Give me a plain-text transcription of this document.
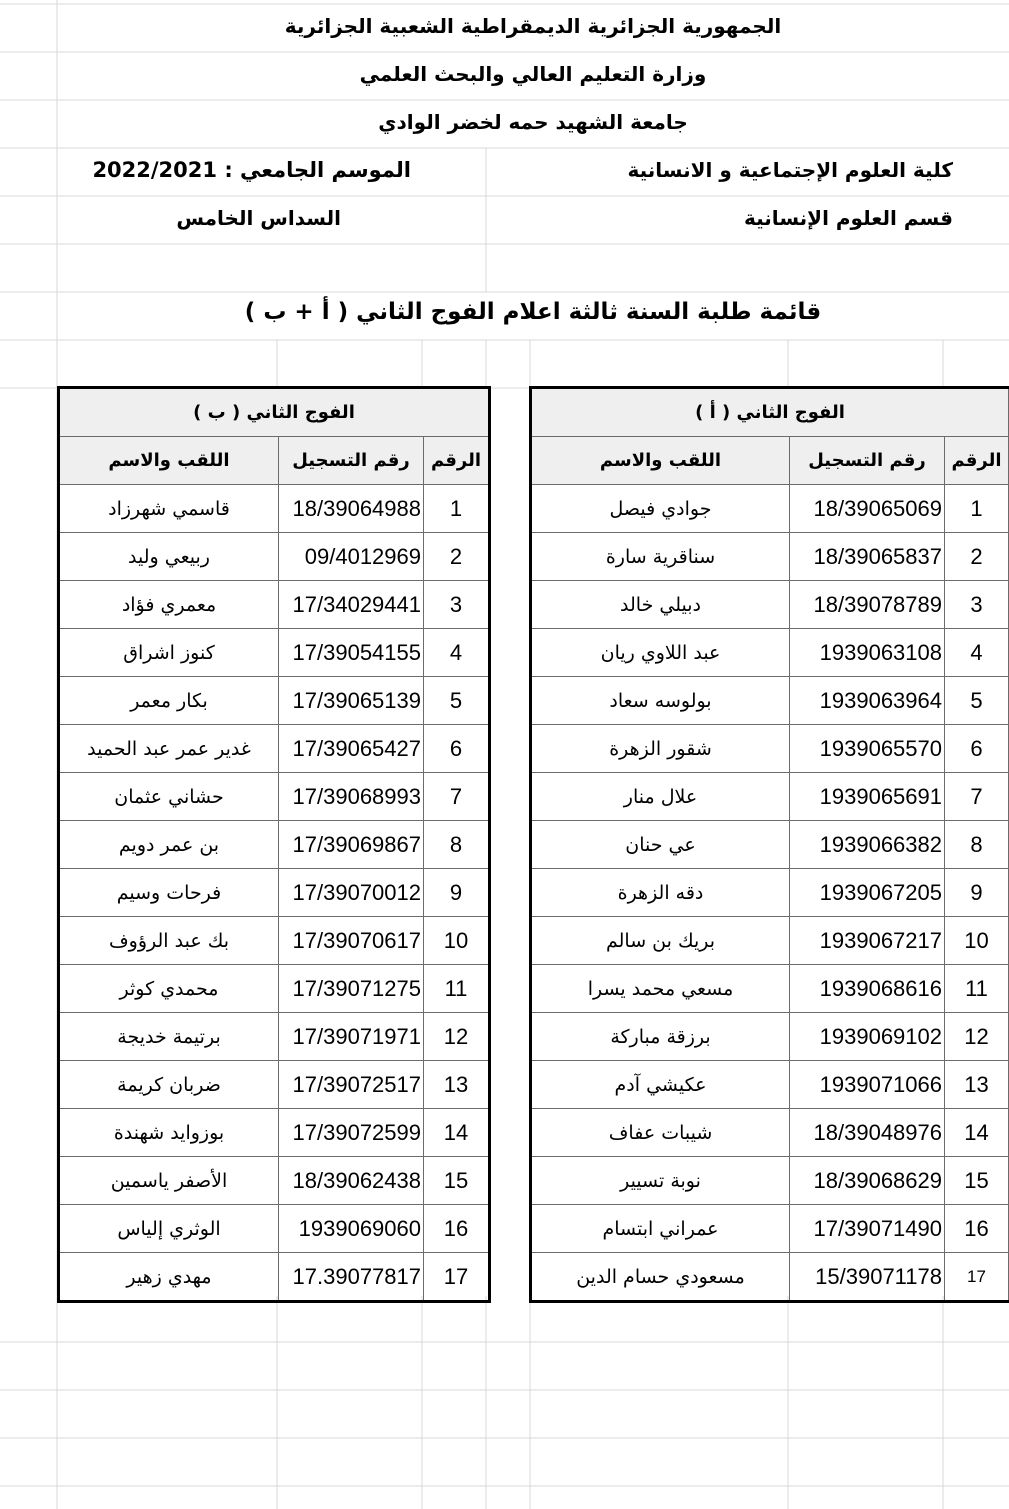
الجمهورية الجزائرية الديمقراطية الشعبية الجزائرية
وزارة التعليم العالي والبحث العلمي
جامعة الشهيد حمه لخضر الوادي
كلية العلوم الإجتماعية و الانسانية
الموسم الجامعي : 2022/2021
قسم العلوم الإنسانية
السداس الخامس
قائمة طلبة السنة ثالثة اعلام الفوج الثاني ( أ + ب )
الفوج الثاني ( ب )		
اللقب والاسم	رقم التسجيل	الرقم
قاسمي شهرزاد	18/39064988	1
ربيعي وليد	09/4012969	2
معمري فؤاد	17/34029441	3
كنوز اشراق	17/39054155	4
بكار معمر	17/39065139	5
غدير عمر عبد الحميد	17/39065427	6
حشاني عثمان	17/39068993	7
بن عمر دويم	17/39069867	8
فرحات وسيم	17/39070012	9
بك عبد الرؤوف	17/39070617	10
محمدي كوثر	17/39071275	11
برتيمة خديجة	17/39071971	12
ضربان كريمة	17/39072517	13
بوزوايد شهندة	17/39072599	14
الأصفر ياسمين	18/39062438	15
الوثري إلياس	1939069060	16
مهدي زهير	17.39077817	17
الفوج الثاني ( أ )		
اللقب والاسم	رقم التسجيل	الرقم
جوادي فيصل	18/39065069	1
سناقرية سارة	18/39065837	2
دبيلي خالد	18/39078789	3
عبد اللاوي ريان	1939063108	4
بولوسه سعاد	1939063964	5
شقور الزهرة	1939065570	6
علال منار	1939065691	7
عي حنان	1939066382	8
دقه الزهرة	1939067205	9
بريك بن سالم	1939067217	10
مسعي محمد يسرا	1939068616	11
برزقة مباركة	1939069102	12
عكيشي آدم	1939071066	13
شيبات عفاف	18/39048976	14
نوبة تسيير	18/39068629	15
عمراني ابتسام	17/39071490	16
مسعودي حسام الدين	15/39071178	17
